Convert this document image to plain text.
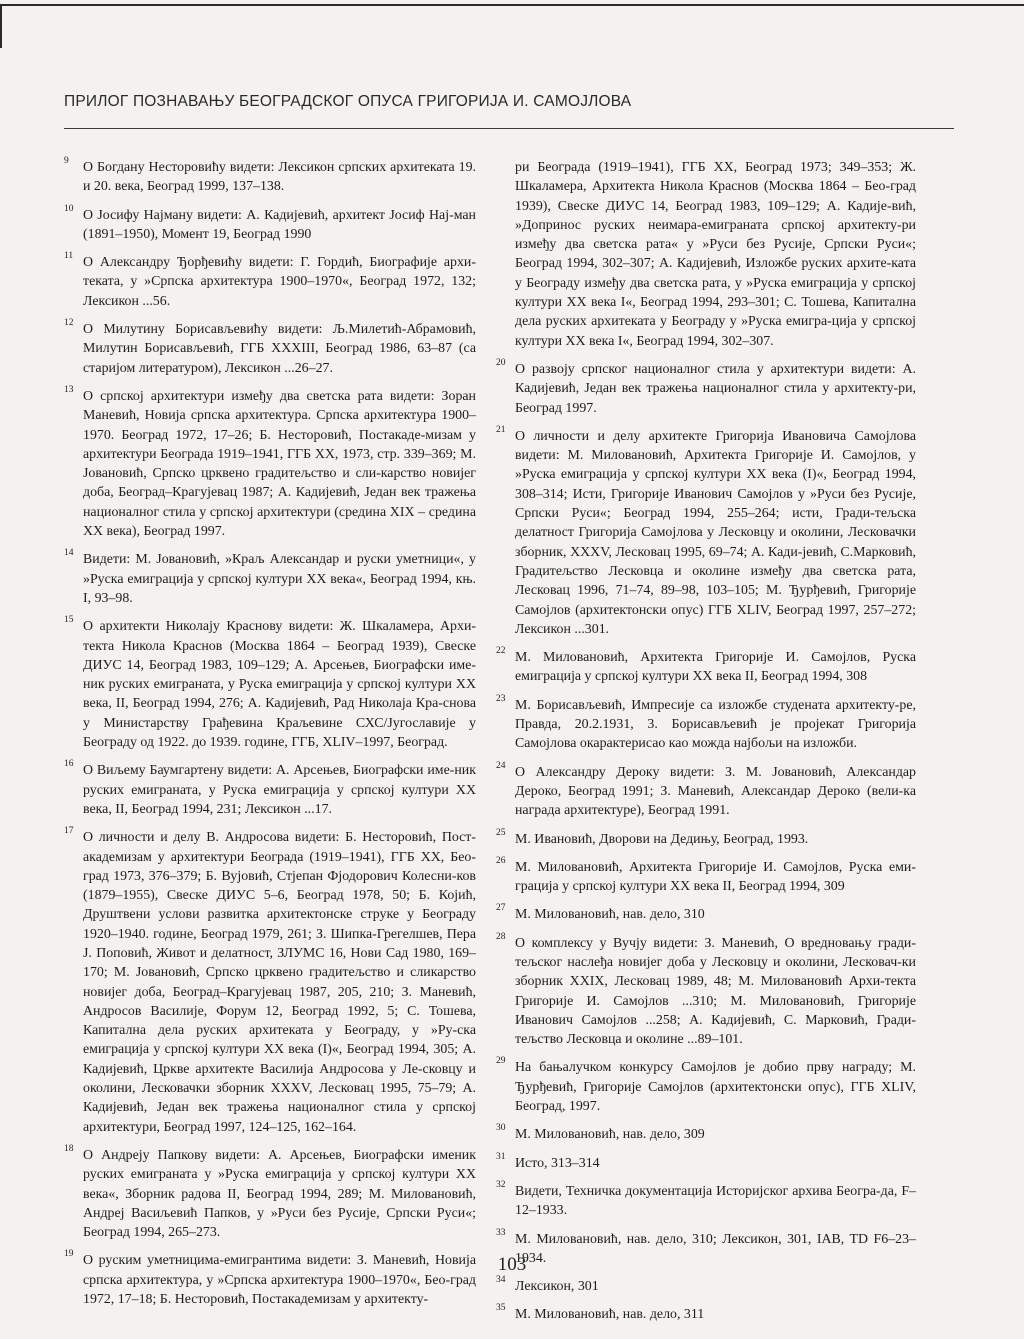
ПРИЛОГ ПОЗНАВАЊУ БЕОГРАДСКОГ ОПУСА ГРИГОРИЈА И. САМОЈЛОВА
9 О Богдану Несторовићу видети: Лексикон српских архитеката 19. и 20. века, Београд 1999, 137–138.
10 О Јосифу Најману видети: А. Кадијевић, архитект Јосиф Нај-ман (1891–1950), Момент 19, Београд 1990
11 О Александру Ђорђевићу видети: Г. Гордић, Биографије архи-теката, у »Српска архитектура 1900–1970«, Београд 1972, 132; Лексикон ...56.
12 О Милутину Борисављевићу видети: Љ.Милетић-Абрамовић, Милутин Борисављевић, ГГБ XXXIII, Београд 1986, 63–87 (са старијом литературом), Лексикон ...26–27.
13 О српској архитектури између два светска рата видети: Зоран Маневић, Новија српска архитектура. Српска архитектура 1900–1970. Београд 1972, 17–26; Б. Несторовић, Постакаде-мизам у архитектури Београда 1919–1941, ГГБ XX, 1973, стр. 339–369; М. Јовановић, Српско црквено градитељство и сли-карство новијег доба, Београд–Крагујевац 1987; А. Кадијевић, Један век тражења националног стила у српској архитектури (средина XIX – средина XX века), Београд 1997.
14 Видети: М. Јовановић, »Краљ Александар и руски уметници«, у »Руска емиграција у српској култури XX века«, Београд 1994, књ. I, 93–98.
15 О архитекти Николају Краснову видети: Ж. Шкаламера, Архи-текта Никола Краснов (Москва 1864 – Београд 1939), Свеске ДИУС 14, Београд 1983, 109–129; А. Арсењев, Биографски име-ник руских емиграната, у Руска емиграција у српској култури XX века, II, Београд 1994, 276; А. Кадијевић, Рад Николаја Кра-снова у Министарству Грађевина Краљевине СХС/Југославије у Београду од 1922. до 1939. године, ГГБ, XLIV–1997, Београд.
16 О Виљему Баумгартену видети: А. Арсењев, Биографски име-ник руских емиграната, у Руска емиграција у српској култури XX века, II, Београд 1994, 231; Лексикон ...17.
17 О личности и делу В. Андросова видети: Б. Несторовић, Пост-академизам у архитектури Београда (1919–1941), ГГБ XX, Бео-град 1973, 376–379; Б. Вујовић, Стјепан Фјодорович Колесни-ков (1879–1955), Свеске ДИУС 5–6, Београд 1978, 50; Б. Којић, Друштвени услови развитка архитектонске струке у Београду 1920–1940. године, Београд 1979, 261; З. Шипка-Грегелшев, Пера Ј. Поповић, Живот и делатност, ЗЛУМС 16, Нови Сад 1980, 169–170; М. Јовановић, Српско црквено градитељство и сликарство новијег доба, Београд–Крагујевац 1987, 205, 210; З. Маневић, Андросов Василије, Форум 12, Београд 1992, 5; С. Тошева, Капитална дела руских архитеката у Београду, у »Ру-ска емиграција у српској култури XX века (I)«, Београд 1994, 305; А. Кадијевић, Цркве архитекте Василија Андросова у Ле-сковцу и околини, Лесковачки зборник XXXV, Лесковац 1995, 75–79; А. Кадијевић, Један век тражења националног стила у српској архитектури, Београд 1997, 124–125, 162–164.
18 О Андреју Папкову видети: А. Арсењев, Биографски именик руских емиграната у »Руска емиграција у српској култури XX века«, Зборник радова II, Београд 1994, 289; М. Миловановић, Андреј Васиљевић Папков, у »Руси без Русије, Српски Руси«; Београд 1994, 265–273.
19 О руским уметницима-емигрантима видети: З. Маневић, Новија српска архитектура, у »Српска архитектура 1900–1970«, Бео-град 1972, 17–18; Б. Несторовић, Постакадемизам у архитекту-
ри Београда (1919–1941), ГГБ XX, Београд 1973; 349–353; Ж. Шкаламера, Архитекта Никола Краснов (Москва 1864 – Бео-град 1939), Свеске ДИУС 14, Београд 1983, 109–129; А. Кадије-вић, »Допринос руских неимара-емиграната српској архитекту-ри између два светска рата« у »Руси без Русије, Српски Руси«; Београд 1994, 302–307; А. Кадијевић, Изложбе руских архите-ката у Београду између два светска рата, у »Руска емиграција у српској култури XX века I«, Београд 1994, 293–301; С. Тошева, Капитална дела руских архитеката у Београду у »Руска емигра-ција у српској култури XX века I«, Београд 1994, 302–307.
20 О развоју српског националног стила у архитектури видети: А. Кадијевић, Један век тражења националног стила у архитекту-ри, Београд 1997.
21 О личности и делу архитекте Григорија Ивановича Самојлова видети: М. Миловановић, Архитекта Григорије И. Самојлов, у »Руска емиграција у српској култури XX века (I)«, Београд 1994, 308–314; Исти, Григорије Иванович Самојлов у »Руси без Русије, Српски Руси«; Београд 1994, 255–264; исти, Гради-тељска делатност Григорија Самојлова у Лесковцу и околини, Лесковачки зборник, XXXV, Лесковац 1995, 69–74; А. Кади-јевић, С.Марковић, Градитељство Лесковца и околине између два светска рата, Лесковац 1996, 71–74, 89–98, 103–105; М. Ђурђевић, Григорије Самојлов (архитектонски опус) ГГБ XLIV, Београд 1997, 257–272; Лексикон ...301.
22 М. Миловановић, Архитекта Григорије И. Самојлов, Руска емиграција у српској култури XX века II, Београд 1994, 308
23 М. Борисављевић, Импресије са изложбе студената архитекту-ре, Правда, 20.2.1931, 3. Борисављевић је пројекат Григорија Самојлова окарактерисао као можда најбољи на изложби.
24 О Александру Дероку видети: З. М. Јовановић, Александар Дероко, Београд 1991; З. Маневић, Александар Дероко (вели-ка награда архитектуре), Београд 1991.
25 М. Ивановић, Дворови на Дедињу, Београд, 1993.
26 М. Миловановић, Архитекта Григорије И. Самојлов, Руска еми-грација у српској култури XX века II, Београд 1994, 309
27 М. Миловановић, нав. дело, 310
28 О комплексу у Вучју видети: З. Маневић, О вредновању гради-тељског наслеђа новијег доба у Лесковцу и околини, Лесковач-ки зборник XXIX, Лесковац 1989, 48; М. Миловановић Архи-текта Григорије И. Самојлов ...310; М. Миловановић, Григорије Иванович Самојлов ...258; А. Кадијевић, С. Марковић, Гради-тељство Лесковца и околине ...89–101.
29 На бањалучком конкурсу Самојлов је добио прву награду; М. Ђурђевић, Григорије Самојлов (архитектонски опус), ГГБ XLIV, Београд, 1997.
30 М. Миловановић, нав. дело, 309
31 Исто, 313–314
32 Видети, Техничка документација Историјског архива Београ-да, F–12–1933.
33 М. Миловановић, нав. дело, 310; Лексикон, 301, IAB, TD F6–23–1934.
34 Лексикон, 301
35 М. Миловановић, нав. дело, 311
103
